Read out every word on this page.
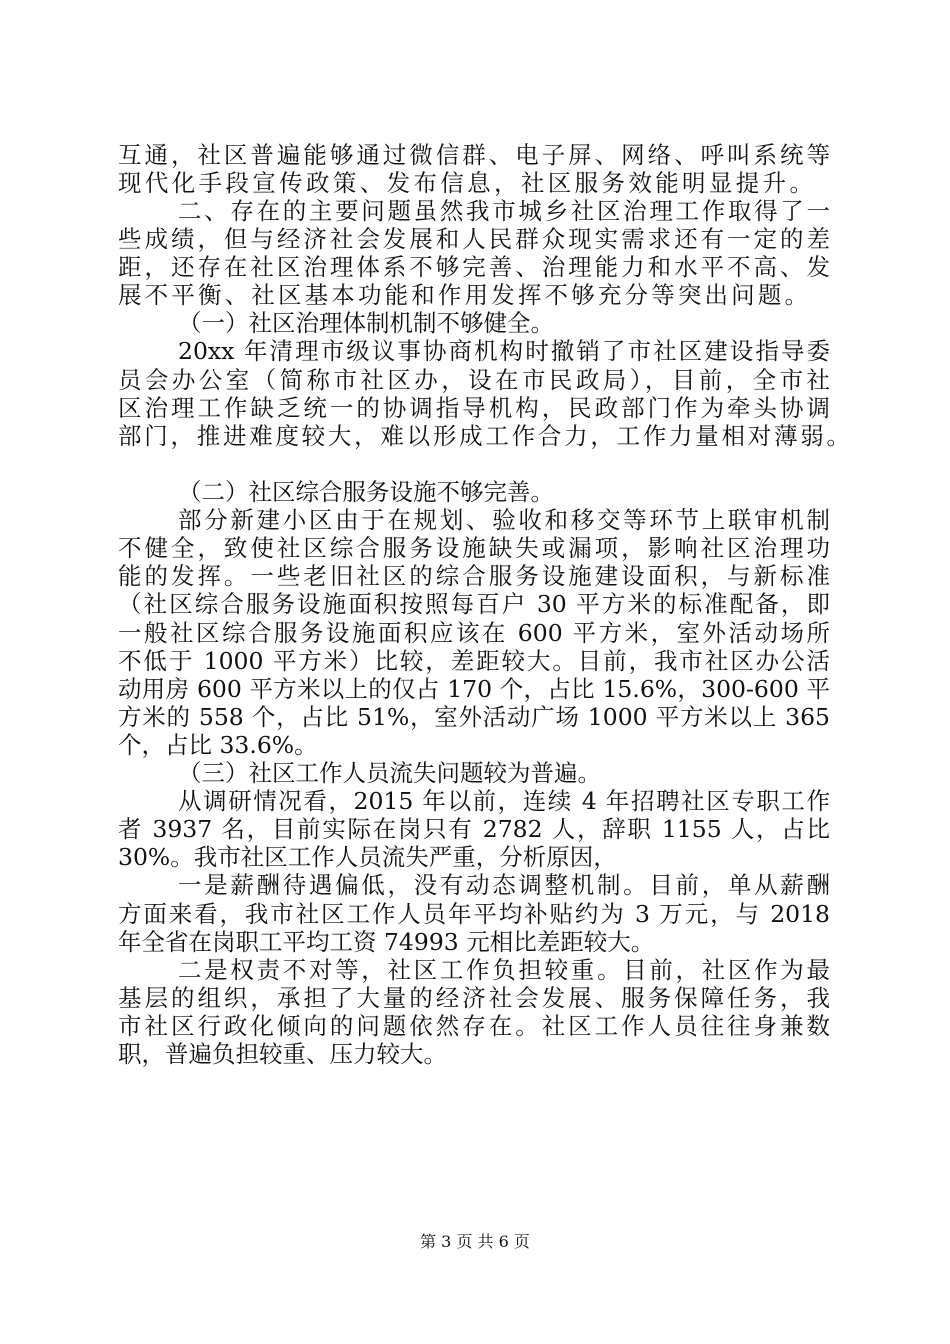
互通，社区普遍能够通过微信群、电子屏、网络、呼叫系统等
现代化手段宣传政策、发布信息，社区服务效能明显提升。
二、存在的主要问题虽然我市城乡社区治理工作取得了一
些成绩，但与经济社会发展和人民群众现实需求还有一定的差
距，还存在社区治理体系不够完善、治理能力和水平不高、发
展不平衡、社区基本功能和作用发挥不够充分等突出问题。
（一）社区治理体制机制不够健全。
20xx 年清理市级议事协商机构时撤销了市社区建设指导委
员会办公室（简称市社区办，设在市民政局），目前，全市社
区治理工作缺乏统一的协调指导机构，民政部门作为牵头协调
部门，推进难度较大，难以形成工作合力，工作力量相对薄弱。
（二）社区综合服务设施不够完善。
部分新建小区由于在规划、验收和移交等环节上联审机制
不健全，致使社区综合服务设施缺失或漏项，影响社区治理功
能的发挥。一些老旧社区的综合服务设施建设面积，与新标准
（社区综合服务设施面积按照每百户 30 平方米的标准配备，即
一般社区综合服务设施面积应该在 600 平方米，室外活动场所
不低于 1000 平方米）比较，差距较大。目前，我市社区办公活
动用房 600 平方米以上的仅占 170 个，占比 15.6%，300-600 平
方米的 558 个，占比 51%，室外活动广场 1000 平方米以上 365
个，占比 33.6%。
（三）社区工作人员流失问题较为普遍。
从调研情况看，2015 年以前，连续 4 年招聘社区专职工作
者 3937 名，目前实际在岗只有 2782 人，辞职 1155 人，占比
30%。我市社区工作人员流失严重，分析原因，
一是薪酬待遇偏低，没有动态调整机制。目前，单从薪酬
方面来看，我市社区工作人员年平均补贴约为 3 万元，与 2018
年全省在岗职工平均工资 74993 元相比差距较大。
二是权责不对等，社区工作负担较重。目前，社区作为最
基层的组织，承担了大量的经济社会发展、服务保障任务，我
市社区行政化倾向的问题依然存在。社区工作人员往往身兼数
职，普遍负担较重、压力较大。
第 3 页 共 6 页
